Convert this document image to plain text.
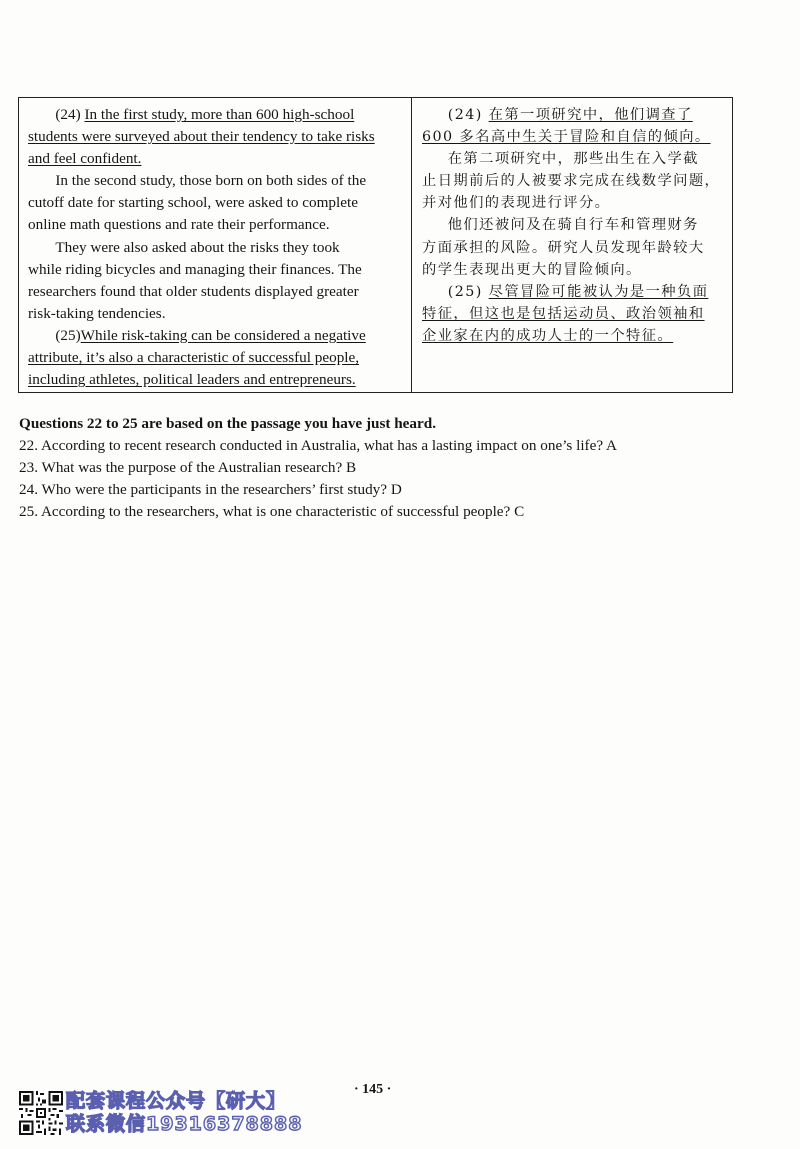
(24) In the first study, more than 600 high-school

students were surveyed about their tendency to take risks
and feel confident.

In the second study, those born on both sides of the

cutoff date for starting school, were asked to complete
online math questions and rate their performance.

They were also asked about the risks they took

while riding bicycles and managing their finances. The
researchers found that older students displayed greater
risk-taking tendencies.

(25)While risk-taking can be considered a negative

attribute, it’s also a characteristic of successful people,
including athletes, political leaders and entrepreneurs.

(24) 在第一项研究中，他们调查了

600 多名高中生关于冒险和自信的倾向。

在第二项研究中，那些出生在入学截

止日期前后的人被要求完成在线数学问题，
并对他们的表现进行评分。

他们还被问及在骑自行车和管理财务

方面承担的风险。研究人员发现年龄较大
的学生表现出更大的冒险倾向。

(25) 尽管冒险可能被认为是一种负面

特征，但这也是包括运动员、政治领袖和
企业家在内的成功人士的一个特征。

Questions 22 to 25 are based on the passage you have just heard.

22. According to recent research conducted in Australia, what has a lasting impact on one’s life? A

23. What was the purpose of the Australian research? B

24. Who were the participants in the researchers’ first study? D

25. According to the researchers, what is one characteristic of successful people? C

· 145 ·
配套课程公众号【研大】
联系微信19316378888
